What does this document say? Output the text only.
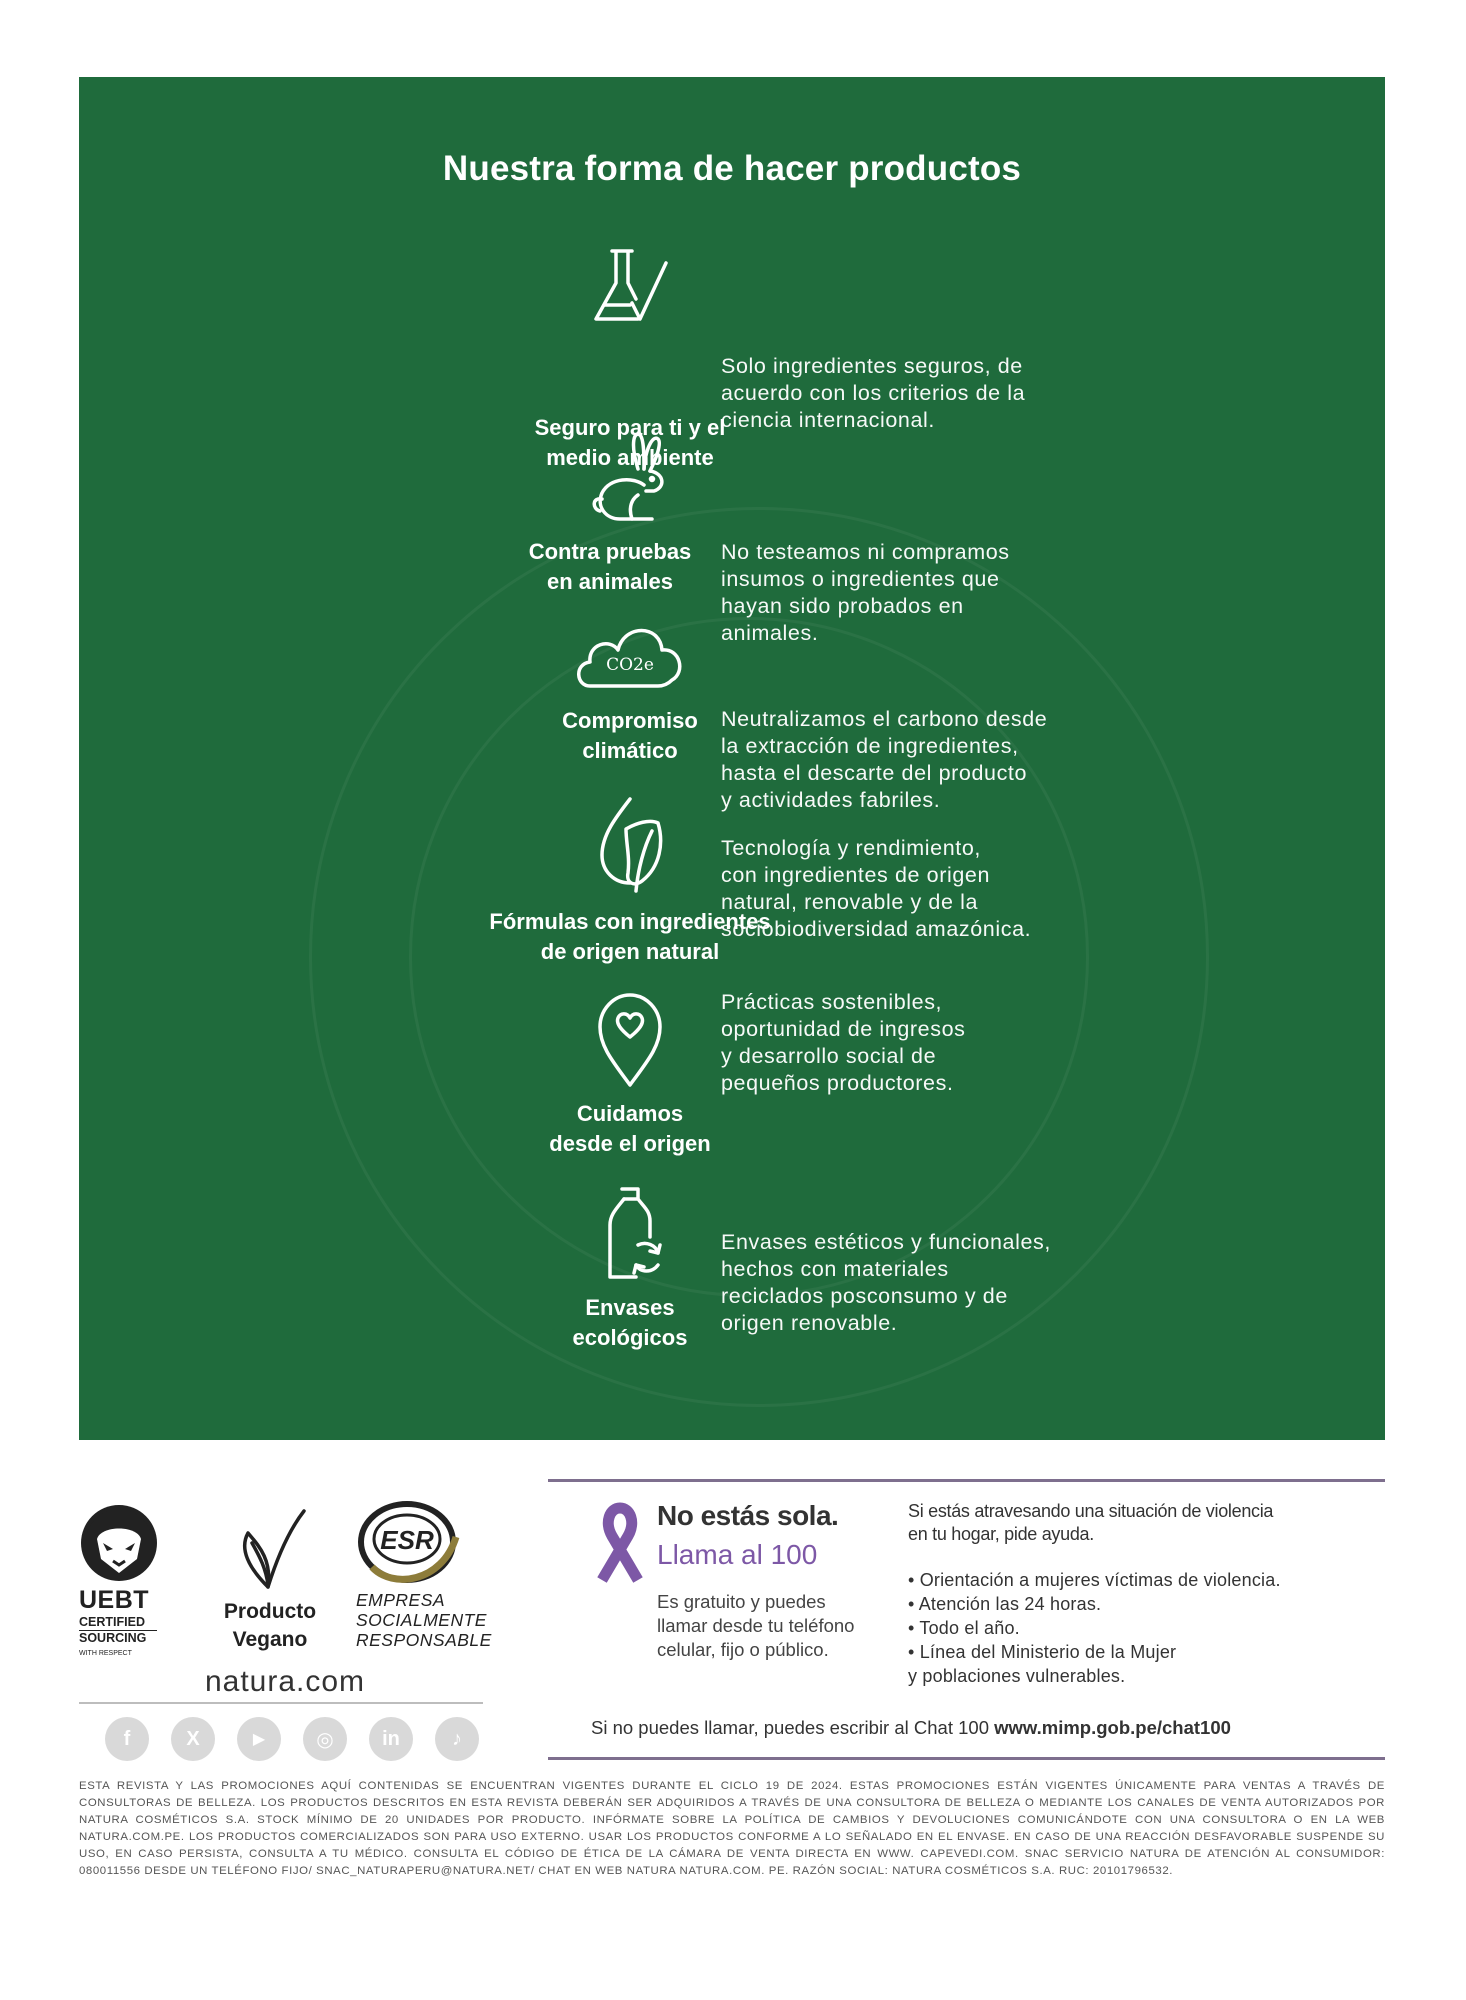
Nuestra forma de hacer productos
Seguro para ti y el
medio ambiente
Solo ingredientes seguros, de
acuerdo con los criterios de la
ciencia internacional.
Contra pruebas
en animales
No testeamos ni compramos
insumos o ingredientes que
hayan sido probados en
animales.
CO2e
Compromiso
climático
Neutralizamos el carbono desde
la extracción de ingredientes,
hasta el descarte del producto
y actividades fabriles.
Fórmulas con ingredientes
de origen natural
Tecnología y rendimiento,
con ingredientes de origen
natural, renovable y de la
sociobiodiversidad amazónica.
Cuidamos
desde el origen
Prácticas sostenibles,
oportunidad de ingresos
y desarrollo social de
pequeños productores.
Envases
ecológicos
Envases estéticos y funcionales,
hechos con materiales
reciclados posconsumo y de
origen renovable.
UEBT
CERTIFIED
SOURCING
WITH RESPECT
Producto
Vegano
ESR
EMPRESA
SOCIALMENTE
RESPONSABLE
natura.com
f	X	▶	◎	in	♪
No estás sola.
Llama al 100
Es gratuito y puedes
llamar desde tu teléfono
celular, fijo o público.
Si estás atravesando una situación de violencia
en tu hogar, pide ayuda.
• Orientación a mujeres víctimas de violencia.
• Atención las 24 horas.
• Todo el año.
• Línea del Ministerio de la Mujer
y poblaciones vulnerables.
Si no puedes llamar, puedes escribir al Chat 100 www.mimp.gob.pe/chat100
ESTA REVISTA Y LAS PROMOCIONES AQUÍ CONTENIDAS SE ENCUENTRAN VIGENTES DURANTE EL CICLO 19 DE 2024. ESTAS PROMOCIONES ESTÁN VIGENTES ÚNICAMENTE PARA VENTAS A TRAVÉS DE CONSULTORAS DE BELLEZA. LOS PRODUCTOS DESCRITOS EN ESTA REVISTA DEBERÁN SER ADQUIRIDOS A TRAVÉS DE UNA CONSULTORA DE BELLEZA O MEDIANTE LOS CANALES DE VENTA AUTORIZADOS POR NATURA COSMÉTICOS S.A. STOCK MÍNIMO DE 20 UNIDADES POR PRODUCTO. INFÓRMATE SOBRE LA POLÍTICA DE CAMBIOS Y DEVOLUCIONES COMUNICÁNDOTE CON UNA CONSULTORA O EN LA WEB NATURA.COM.PE. LOS PRODUCTOS COMERCIALIZADOS SON PARA USO EXTERNO. USAR LOS PRODUCTOS CONFORME A LO SEÑALADO EN EL ENVASE. EN CASO DE UNA REACCIÓN DESFAVORABLE SUSPENDE SU USO, EN CASO PERSISTA, CONSULTA A TU MÉDICO. CONSULTA EL CÓDIGO DE ÉTICA DE LA CÁMARA DE VENTA DIRECTA EN WWW. CAPEVEDI.COM. SNAC SERVICIO NATURA DE ATENCIÓN AL CONSUMIDOR: 080011556 DESDE UN TELÉFONO FIJO/ SNAC_NATURAPERU@NATURA.NET/ CHAT EN WEB NATURA NATURA.COM. PE. RAZÓN SOCIAL: NATURA COSMÉTICOS S.A. RUC: 20101796532.
